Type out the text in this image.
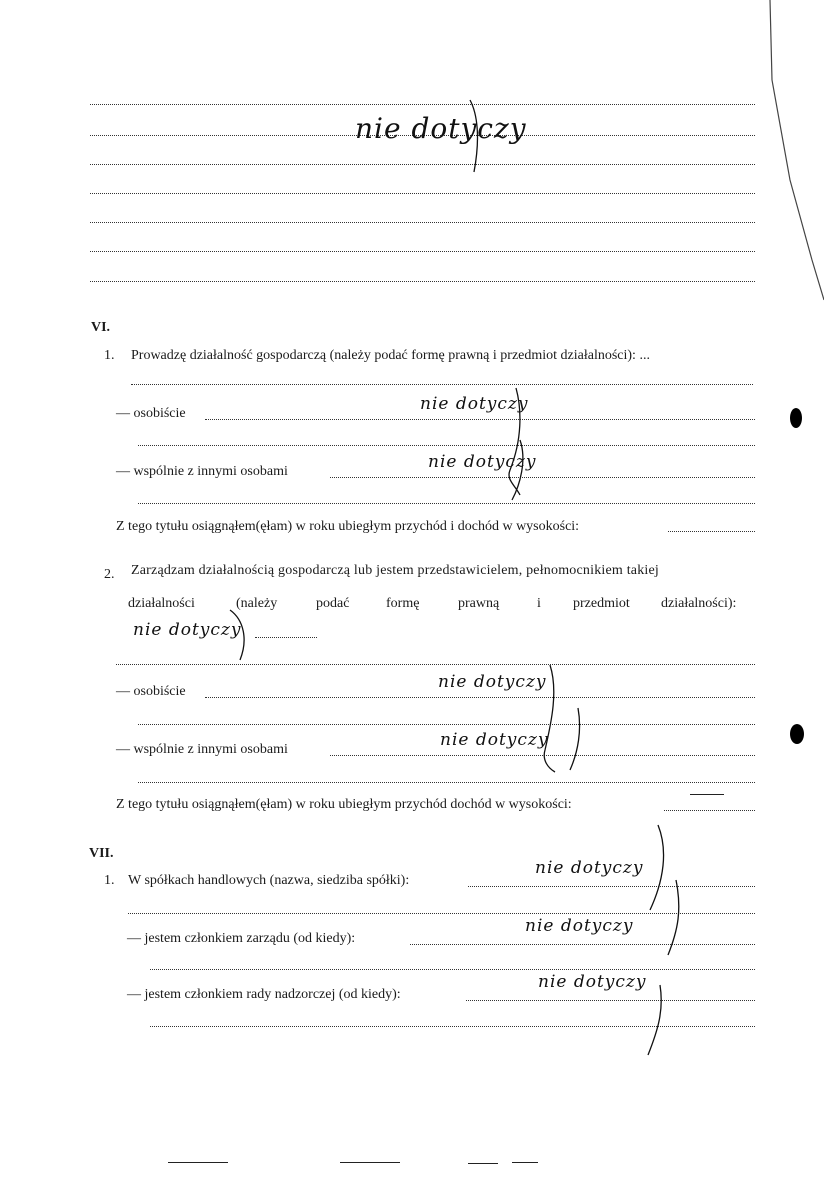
nie dotyczy
VI.
1. Prowadzę działalność gospodarczą (należy podać formę prawną i przedmiot działalności): ...
— osobiście	nie dotyczy
— wspólnie z innymi osobami	nie dotyczy
Z tego tytułu osiągnąłem(ęłam) w roku ubiegłym przychód i dochód w wysokości:
2. Zarządzam działalnością gospodarczą lub jestem przedstawicielem, pełnomocnikiem takiej
działalności	(należy	podać	formę	prawną	i przedmiot działalności):
nie dotyczy
— osobiście	nie dotyczy
— wspólnie z innymi osobami	nie dotyczy
Z tego tytułu osiągnąłem(ęłam) w roku ubiegłym przychód dochód w wysokości:
VII.
1. W spółkach handlowych (nazwa, siedziba spółki):
nie dotyczy
— jestem członkiem zarządu (od kiedy):
nie dotyczy
— jestem członkiem rady nadzorczej (od kiedy):
nie dotyczy
